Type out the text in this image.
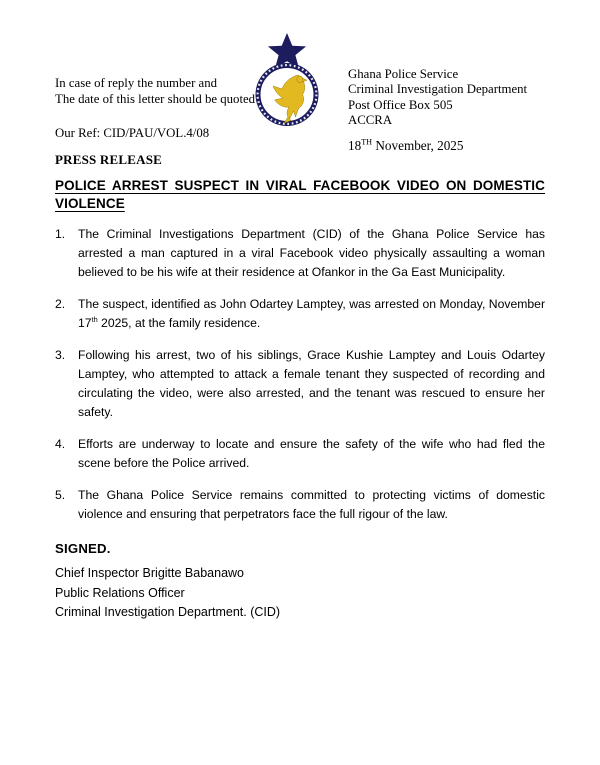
In case of reply the number and
The date of this letter should be quoted
Ghana Police Service
Criminal Investigation Department
Post Office Box 505
ACCRA
Our Ref: CID/PAU/VOL.4/08
18TH November, 2025
PRESS RELEASE
POLICE ARREST SUSPECT IN VIRAL FACEBOOK VIDEO ON DOMESTIC VIOLENCE
1.	The Criminal Investigations Department (CID) of the Ghana Police Service has arrested a man captured in a viral Facebook video physically assaulting a woman believed to be his wife at their residence at Ofankor in the Ga East Municipality.
2.	The suspect, identified as John Odartey Lamptey, was arrested on Monday, November 17th 2025, at the family residence.
3.	Following his arrest, two of his siblings, Grace Kushie Lamptey and Louis Odartey Lamptey, who attempted to attack a female tenant they suspected of recording and circulating the video, were also arrested, and the tenant was rescued to ensure her safety.
4.	Efforts are underway to locate and ensure the safety of the wife who had fled the scene before the Police arrived.
5.	The Ghana Police Service remains committed to protecting victims of domestic violence and ensuring that perpetrators face the full rigour of the law.
SIGNED.
Chief Inspector Brigitte Babanawo
Public Relations Officer
Criminal Investigation Department. (CID)
